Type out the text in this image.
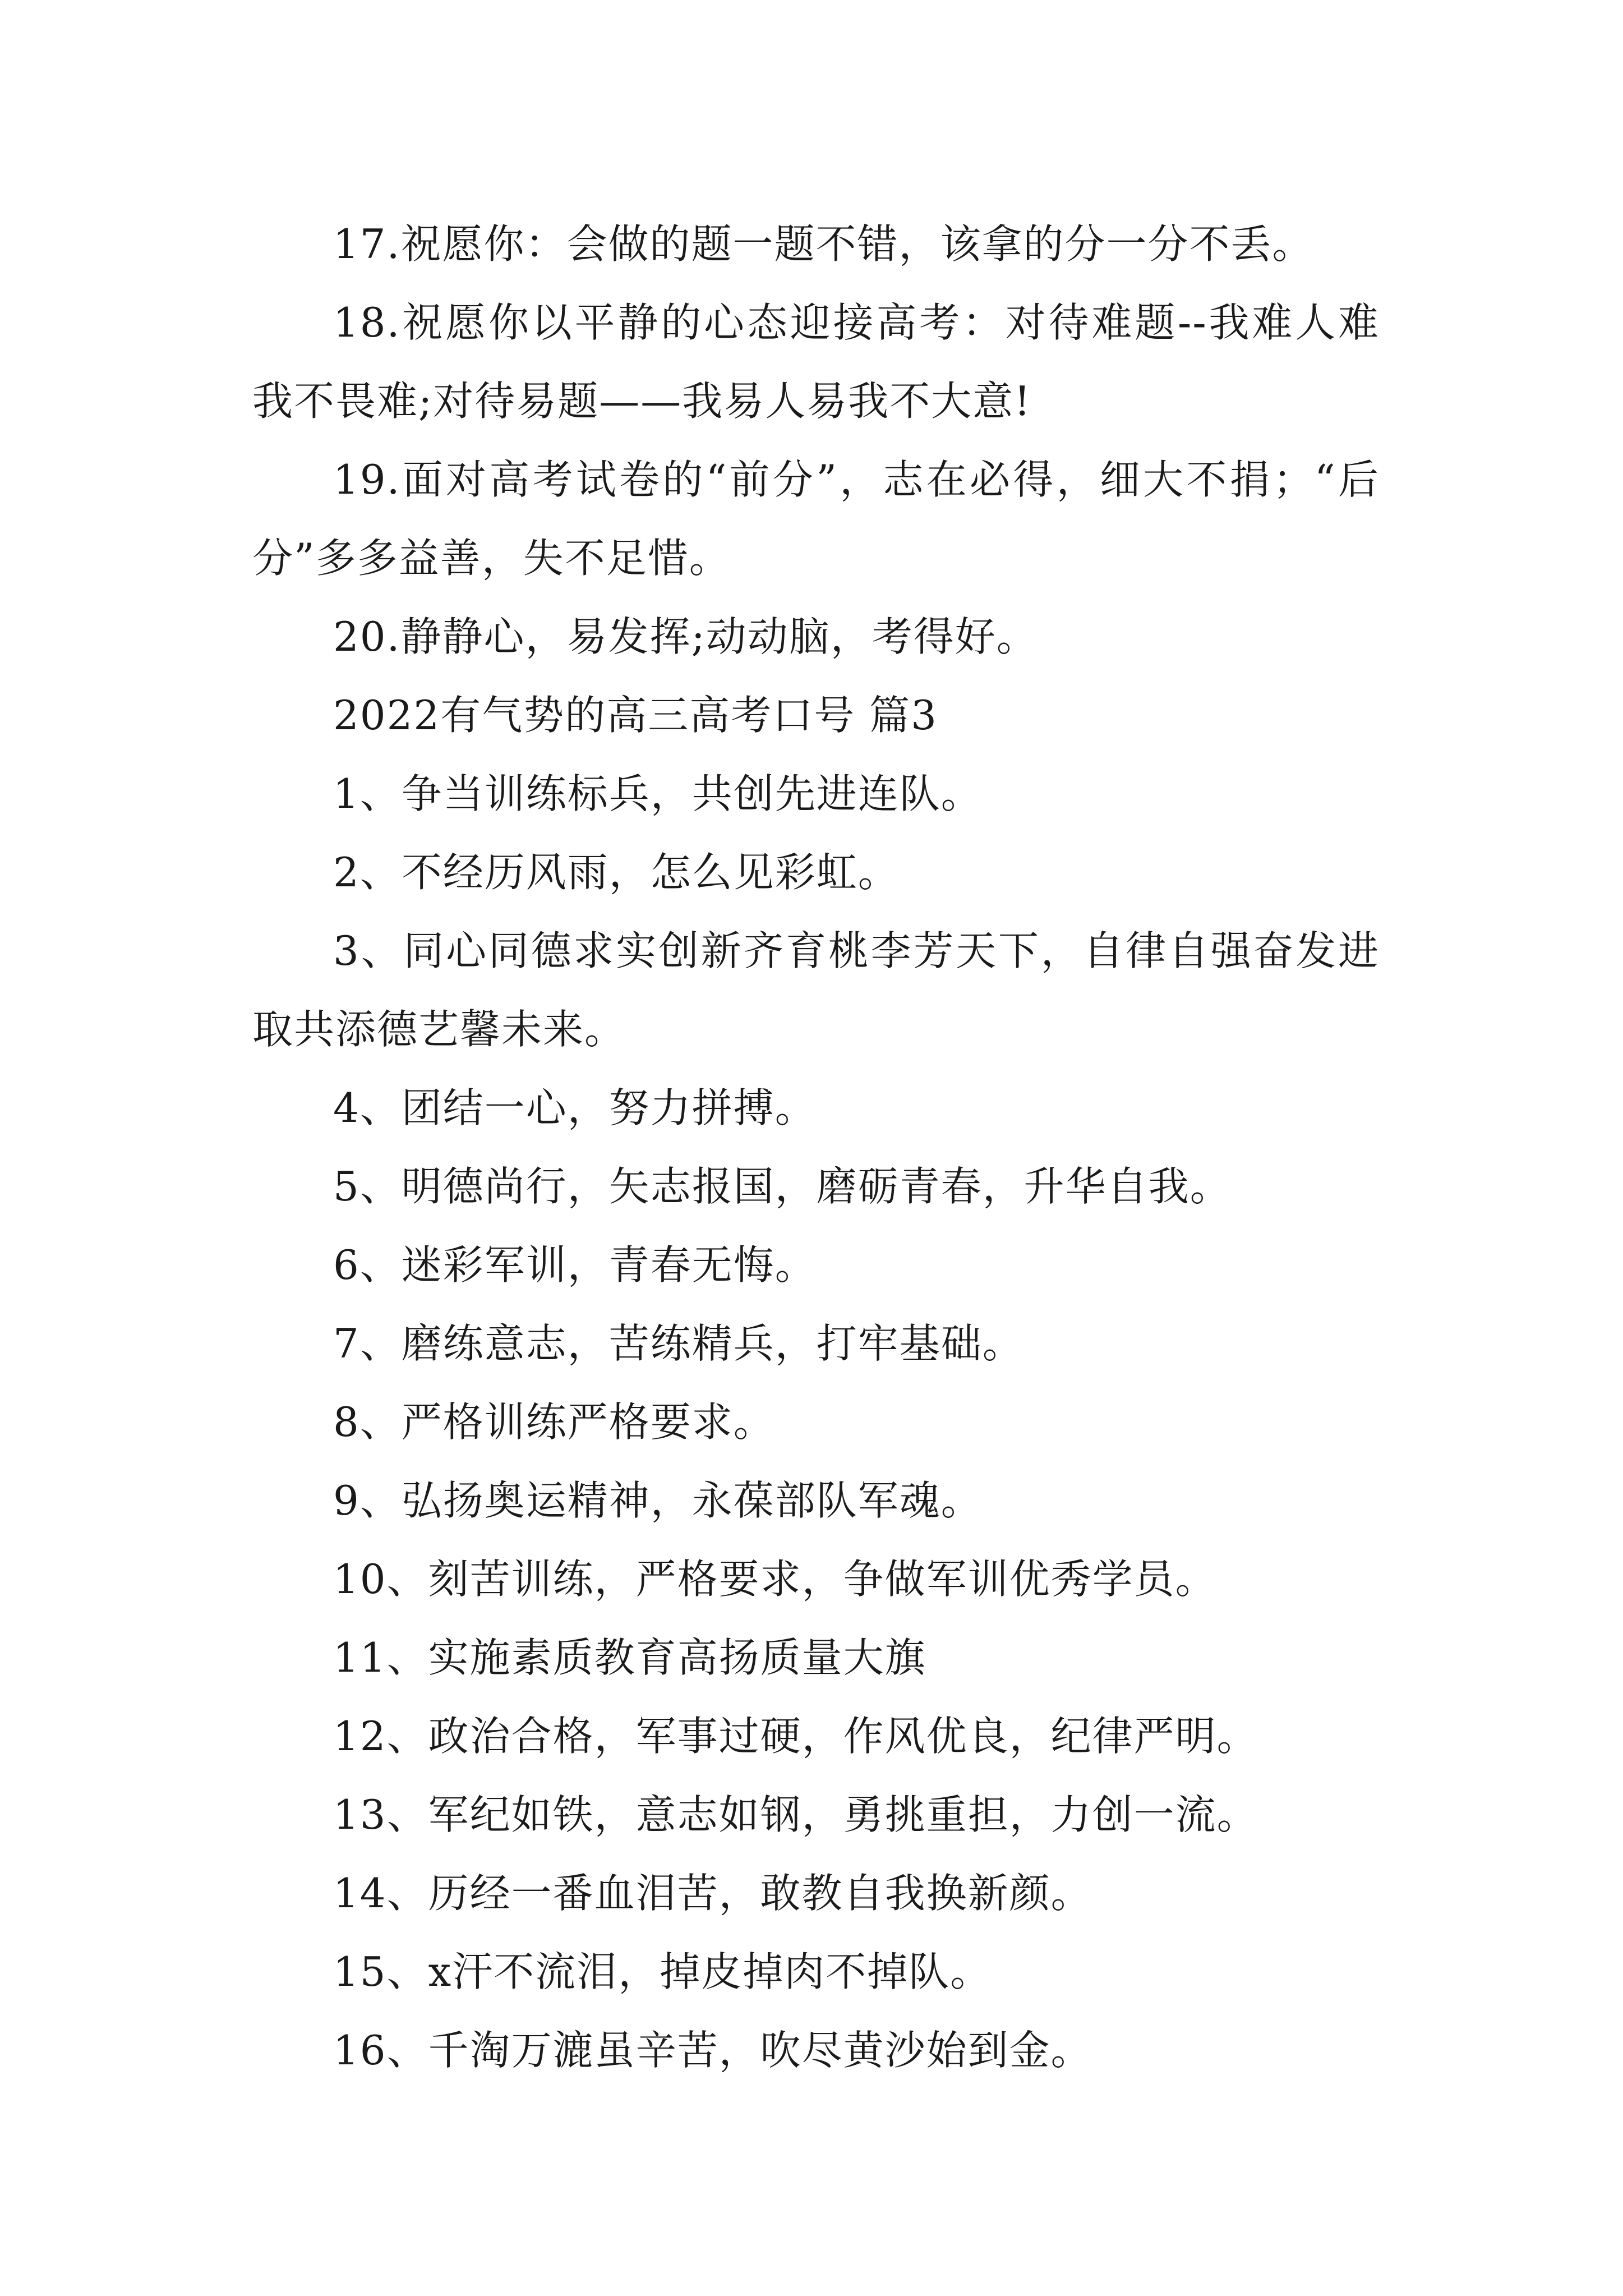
17.祝愿你：会做的题一题不错，该拿的分一分不丢。

18.祝愿你以平静的心态迎接高考：对待难题--我难人难我不畏难;对待易题——我易人易我不大意!

19.面对高考试卷的“前分”，志在必得，细大不捐；“后分”多多益善，失不足惜。

20.静静心，易发挥;动动脑，考得好。

2022有气势的高三高考口号 篇3

1、争当训练标兵，共创先进连队。

2、不经历风雨，怎么见彩虹。

3、同心同德求实创新齐育桃李芳天下，自律自强奋发进取共添德艺馨未来。

4、团结一心，努力拼搏。

5、明德尚行，矢志报国，磨砺青春，升华自我。

6、迷彩军训，青春无悔。

7、磨练意志，苦练精兵，打牢基础。

8、严格训练严格要求。

9、弘扬奥运精神，永葆部队军魂。

10、刻苦训练，严格要求，争做军训优秀学员。

11、实施素质教育高扬质量大旗

12、政治合格，军事过硬，作风优良，纪律严明。

13、军纪如铁，意志如钢，勇挑重担，力创一流。

14、历经一番血泪苦，敢教自我换新颜。

15、x汗不流泪，掉皮掉肉不掉队。

16、千淘万漉虽辛苦，吹尽黄沙始到金。
